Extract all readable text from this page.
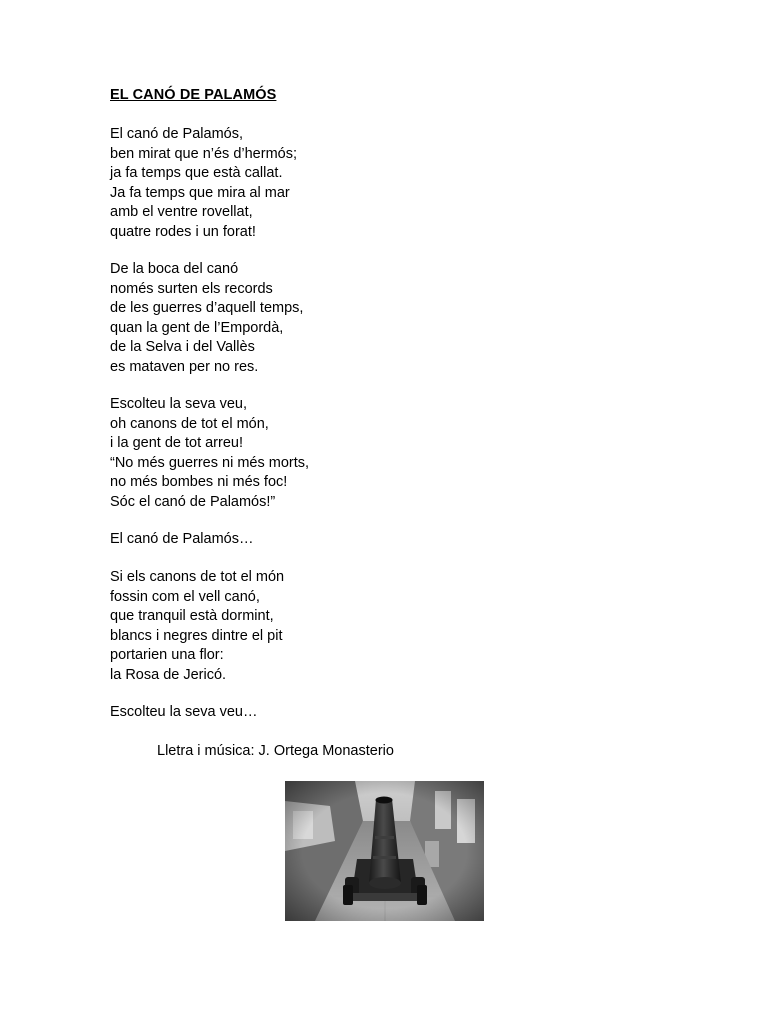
EL CANÓ DE PALAMÓS
El canó de Palamós,
ben mirat que n’és d’hermós;
ja fa temps que està callat.
Ja fa temps que mira al mar
amb el ventre rovellat,
quatre rodes i un forat!
De la boca del canó
només surten els records
de les guerres d’aquell temps,
quan la gent de l’Empordà,
de la Selva i del Vallès
es mataven per no res.
Escolteu la seva veu,
oh canons de tot el món,
i la gent de tot arreu!
“No més guerres ni més morts,
no més bombes ni més foc!
Sóc el canó de Palamós!”
El canó de Palamós…
Si els canons de tot el món
fossin com el vell canó,
que tranquil està dormint,
blancs i negres dintre el pit
portarien una flor:
la Rosa de Jericó.
Escolteu la seva veu…

Lletra i música: J. Ortega Monasterio
